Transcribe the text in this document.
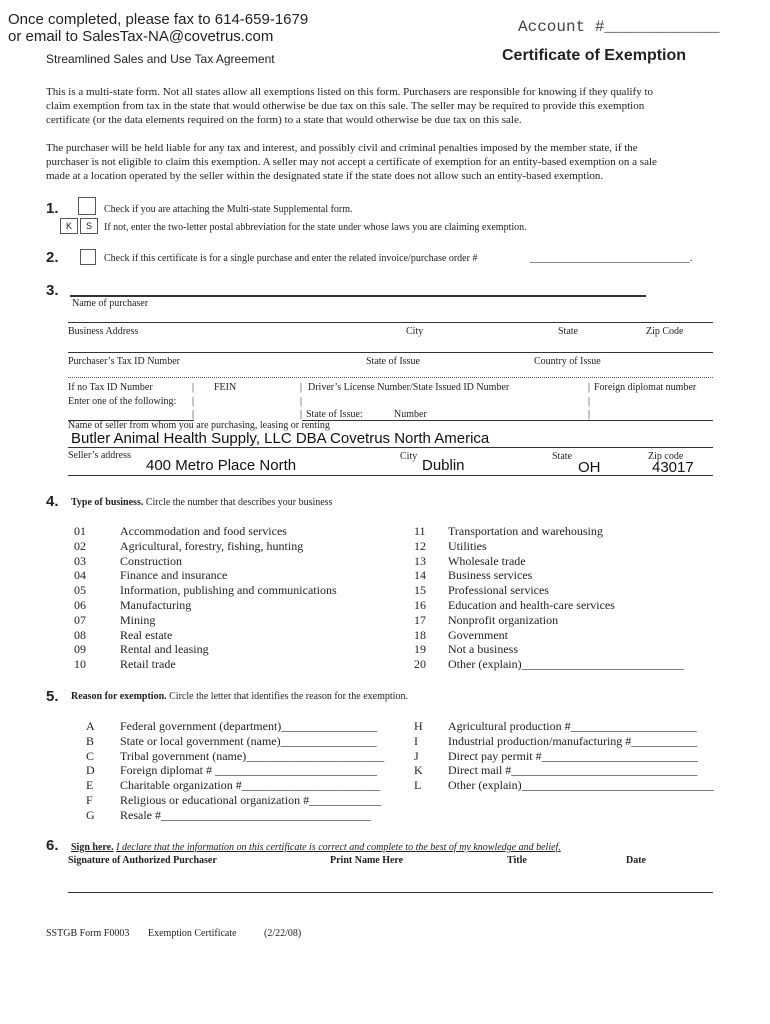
Once completed, please fax to 614-659-1679
or email to SalesTax-NA@covetrus.com
Account #____________
Streamlined Sales and Use Tax Agreement	Certificate of Exemption
This is a multi-state form. Not all states allow all exemptions listed on this form. Purchasers are responsible for knowing if they qualify to
claim exemption from tax in the state that would otherwise be due tax on this sale. The seller may be required to provide this exemption
certificate (or the data elements required on the form) to a state that would otherwise be due tax on this sale.
The purchaser will be held liable for any tax and interest, and possibly civil and criminal penalties imposed by the member state, if the
purchaser is not eligible to claim this exemption. A seller may not accept a certificate of exemption for an entity-based exemption on a sale
made at a location operated by the seller within the designated state if the state does not allow such an entity-based exemption.
1.	Check if you are attaching the Multi-state Supplemental form.
K	S	If not, enter the two-letter postal abbreviation for the state under whose laws you are claiming exemption.
2.	Check if this certificate is for a single purchase and enter the related invoice/purchase order #	________________________________.
3.
Name of purchaser
Business Address	City	State	Zip Code
Purchaser’s Tax ID Number	State of Issue	Country of Issue
If no Tax ID Number
Enter one of the following:
| FEIN	| Driver’s License Number/State Issued ID Number	| Foreign diplomat number
|	|	|
|	| State of Issue:	Number	|
Name of seller from whom you are purchasing, leasing or renting
Butler Animal Health Supply, LLC DBA Covetrus North America
Seller’s address
400 Metro Place North
City
Dublin
State
OH
Zip code
43017
4. Type of business. Circle the number that describes your business
01	Accommodation and food services
02	Agricultural, forestry, fishing, hunting
03	Construction
04	Finance and insurance
05	Information, publishing and communications
06	Manufacturing
07	Mining
08	Real estate
09	Rental and leasing
10	Retail trade
11 Transportation and warehousing
12 Utilities
13 Wholesale trade
14 Business services
15 Professional services
16 Education and health-care services
17 Nonprofit organization
18 Government
19 Not a business
20 Other (explain)___________________________
5. Reason for exemption. Circle the letter that identifies the reason for the exemption.
A Federal government (department)________________
B State or local government (name)________________
C Tribal government (name)_______________________
D Foreign diplomat # ___________________________
E Charitable organization #_______________________
F Religious or educational organization #____________
G Resale #___________________________________
H Agricultural production #_____________________
I	Industrial production/manufacturing #___________
J Direct pay permit #__________________________
K Direct mail #_______________________________
L Other (explain)________________________________
6. Sign here. I declare that the information on this certificate is correct and complete to the best of my knowledge and belief.
Signature of Authorized Purchaser	Print Name Here	Title	Date
SSTGB Form F0003 Exemption Certificate	(2/22/08)
